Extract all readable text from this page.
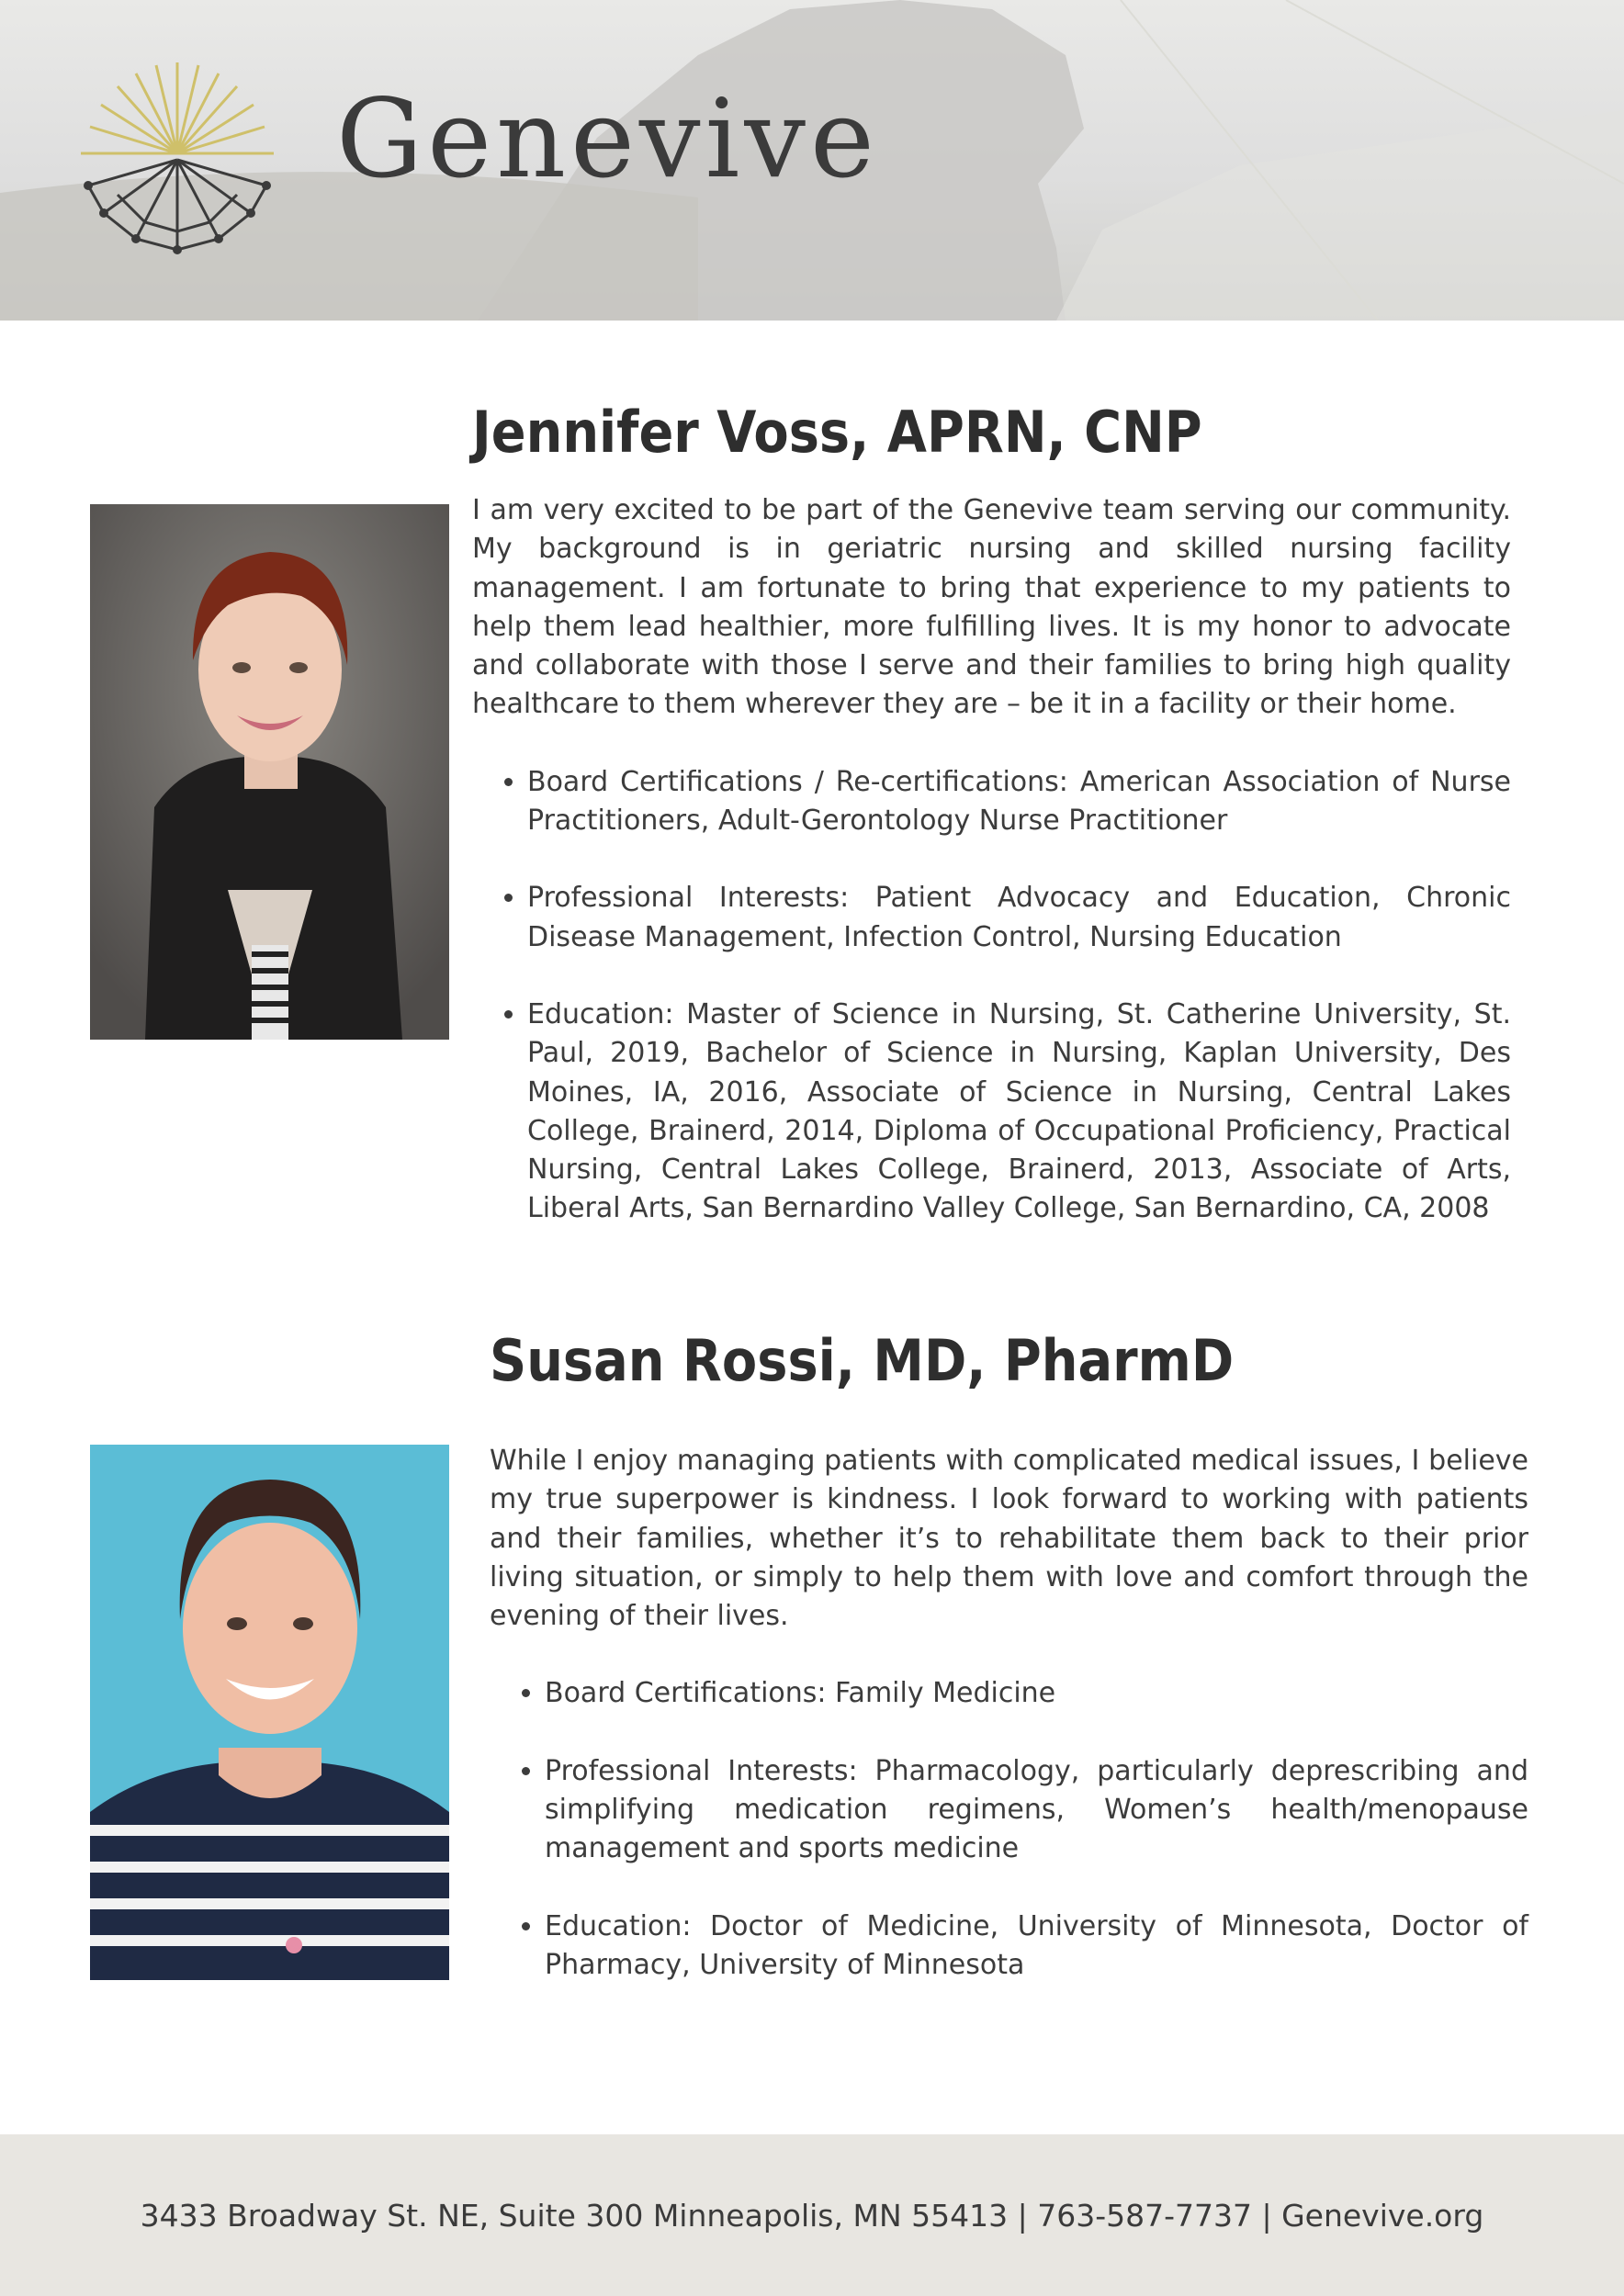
Genevive
Jennifer Voss, APRN, CNP

I am very excited to be part of the Genevive team serving our community. My background is in geriatric nursing and skilled nursing facility management. I am fortunate to bring that experience to my patients to help them lead healthier, more fulfilling lives. It is my honor to advocate and collaborate with those I serve and their families to bring high quality healthcare to them wherever they are – be it in a facility or their home.

• Board Certifications / Re-certifications: American Association of Nurse Practitioners, Adult-Gerontology Nurse Practitioner
• Professional Interests: Patient Advocacy and Education, Chronic Disease Management, Infection Control, Nursing Education
• Education: Master of Science in Nursing, St. Catherine University, St. Paul, 2019, Bachelor of Science in Nursing, Kaplan University, Des Moines, IA, 2016, Associate of Science in Nursing, Central Lakes College, Brainerd, 2014, Diploma of Occupational Proficiency, Practical Nursing, Central Lakes College, Brainerd, 2013, Associate of Arts, Liberal Arts, San Bernardino Valley College, San Bernardino, CA, 2008
Susan Rossi, MD, PharmD

While I enjoy managing patients with complicated medical issues, I believe my true superpower is kindness. I look forward to working with patients and their families, whether it’s to rehabilitate them back to their prior living situation, or simply to help them with love and comfort through the evening of their lives.

• Board Certifications: Family Medicine
• Professional Interests: Pharmacology, particularly deprescribing and simplifying medication regimens, Women’s health/menopause management and sports medicine
• Education: Doctor of Medicine, University of Minnesota, Doctor of Pharmacy, University of Minnesota
3433 Broadway St. NE, Suite 300 Minneapolis, MN 55413 | 763-587-7737 | Genevive.org
